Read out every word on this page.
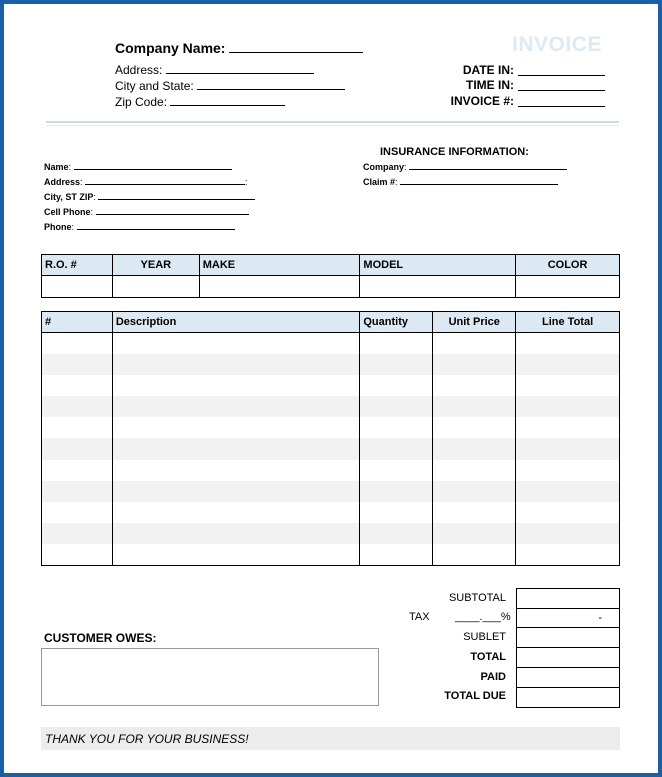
Company Name:
Address:
City and State:
Zip Code:
INVOICE
DATE IN:
TIME IN:
INVOICE #:
Name:
Address:	:
City, ST ZIP:
Cell Phone:
Phone:
INSURANCE INFORMATION:
Company:
Claim #:
R.O. #	YEAR	MAKE	MODEL	COLOR

#	Description	Quantity	Unit Price	Line Total

SUBTOTAL
TAX ____.___%	-
SUBLET
TOTAL
PAID
TOTAL DUE
CUSTOMER OWES:
THANK YOU FOR YOUR BUSINESS!
